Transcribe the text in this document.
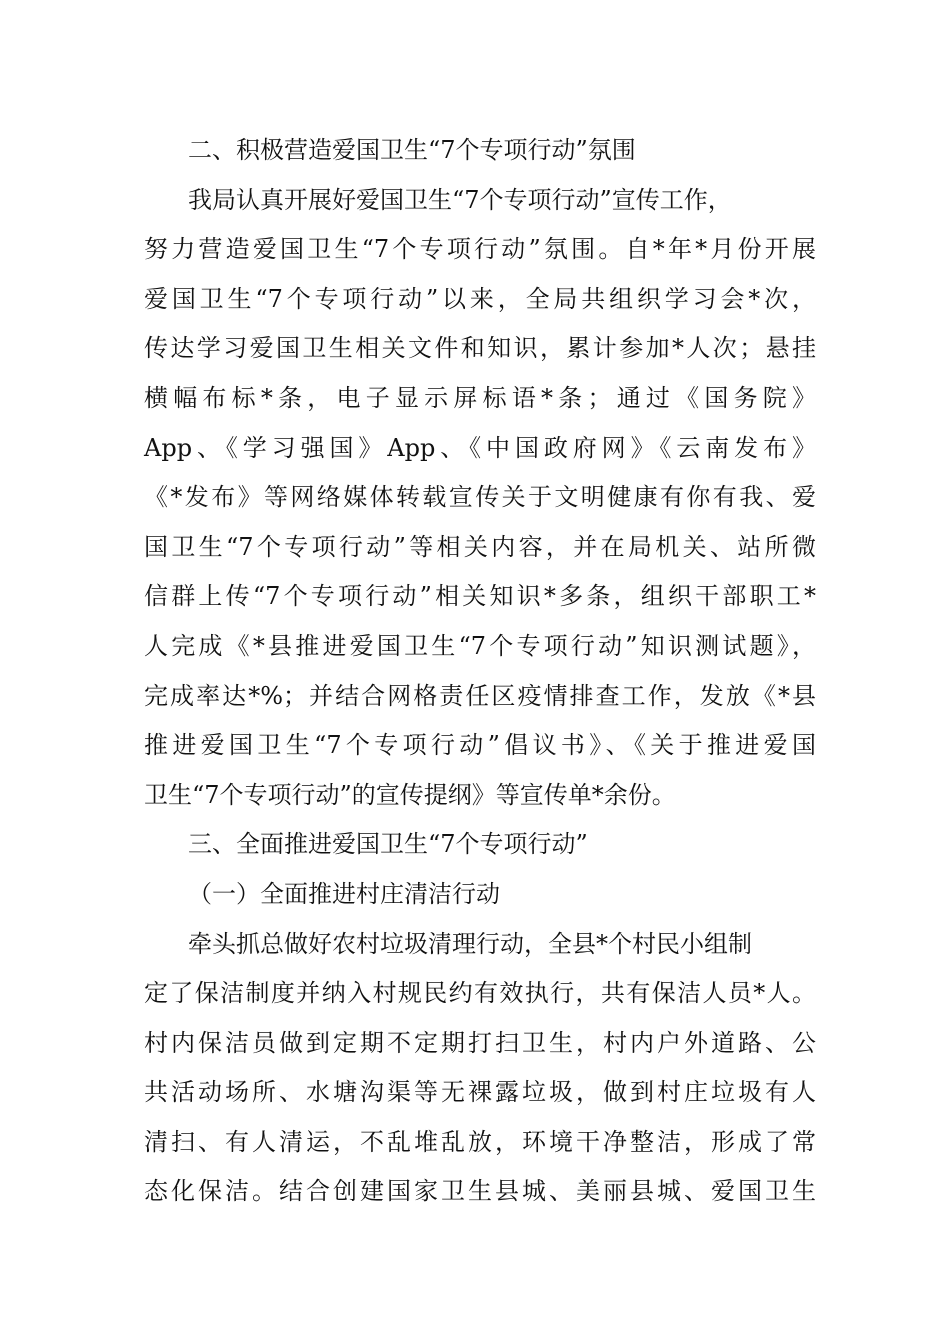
二、积极营造爱国卫生“7个专项行动”氛围
我局认真开展好爱国卫生“7个专项行动”宣传工作，
努力营造爱国卫生“7个专项行动”氛围。自*年*月份开展
爱国卫生“7个专项行动”以来，全局共组织学习会*次，
传达学习爱国卫生相关文件和知识，累计参加*人次；悬挂
横幅布标*条，电子显示屏标语*条；通过《国务院》
App、《学习强国》App、《中国政府网》《云南发布》
《*发布》等网络媒体转载宣传关于文明健康有你有我、爱
国卫生“7个专项行动”等相关内容，并在局机关、站所微
信群上传“7个专项行动”相关知识*多条，组织干部职工*
人完成《*县推进爱国卫生“7个专项行动”知识测试题》，
完成率达*%；并结合网格责任区疫情排查工作，发放《*县
推进爱国卫生“7个专项行动”倡议书》、《关于推进爱国
卫生“7个专项行动”的宣传提纲》等宣传单*余份。
三、全面推进爱国卫生“7个专项行动”
（一）全面推进村庄清洁行动
牵头抓总做好农村垃圾清理行动，全县*个村民小组制
定了保洁制度并纳入村规民约有效执行，共有保洁人员*人。
村内保洁员做到定期不定期打扫卫生，村内户外道路、公
共活动场所、水塘沟渠等无裸露垃圾，做到村庄垃圾有人
清扫、有人清运，不乱堆乱放，环境干净整洁，形成了常
态化保洁。结合创建国家卫生县城、美丽县城、爱国卫生
